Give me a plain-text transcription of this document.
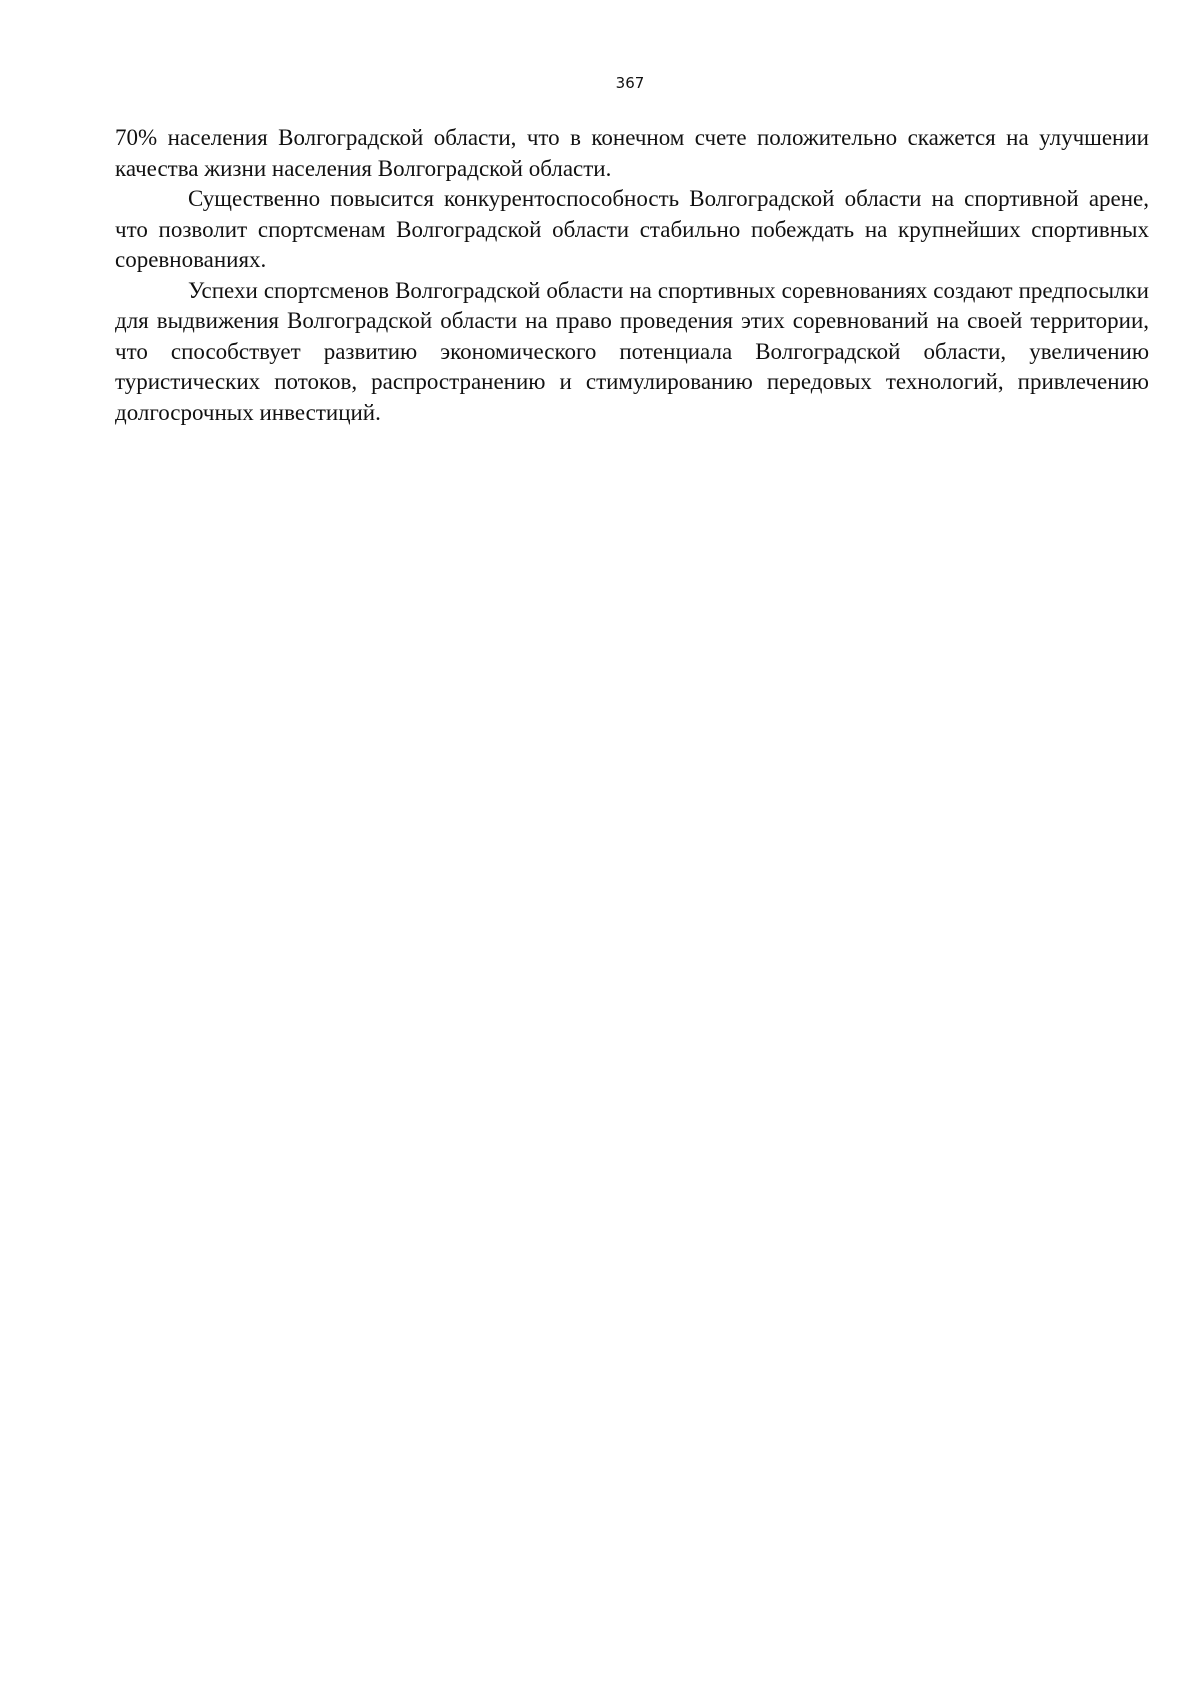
367

70% населения Волгоградской области, что в конечном счете положительно скажется на улучшении качества жизни населения Волгоградской области.

Существенно повысится конкурентоспособность Волгоградской области на спортивной арене, что позволит спортсменам Волгоградской области стабильно побеждать на крупнейших спортивных соревнованиях.

Успехи спортсменов Волгоградской области на спортивных соревнованиях создают предпосылки для выдвижения Волгоградской области на право проведения этих соревнований на своей территории, что способствует развитию экономического потенциала Волгоградской области, увеличению туристических потоков, распространению и стимулированию передовых технологий, привлечению долгосрочных инвестиций.
